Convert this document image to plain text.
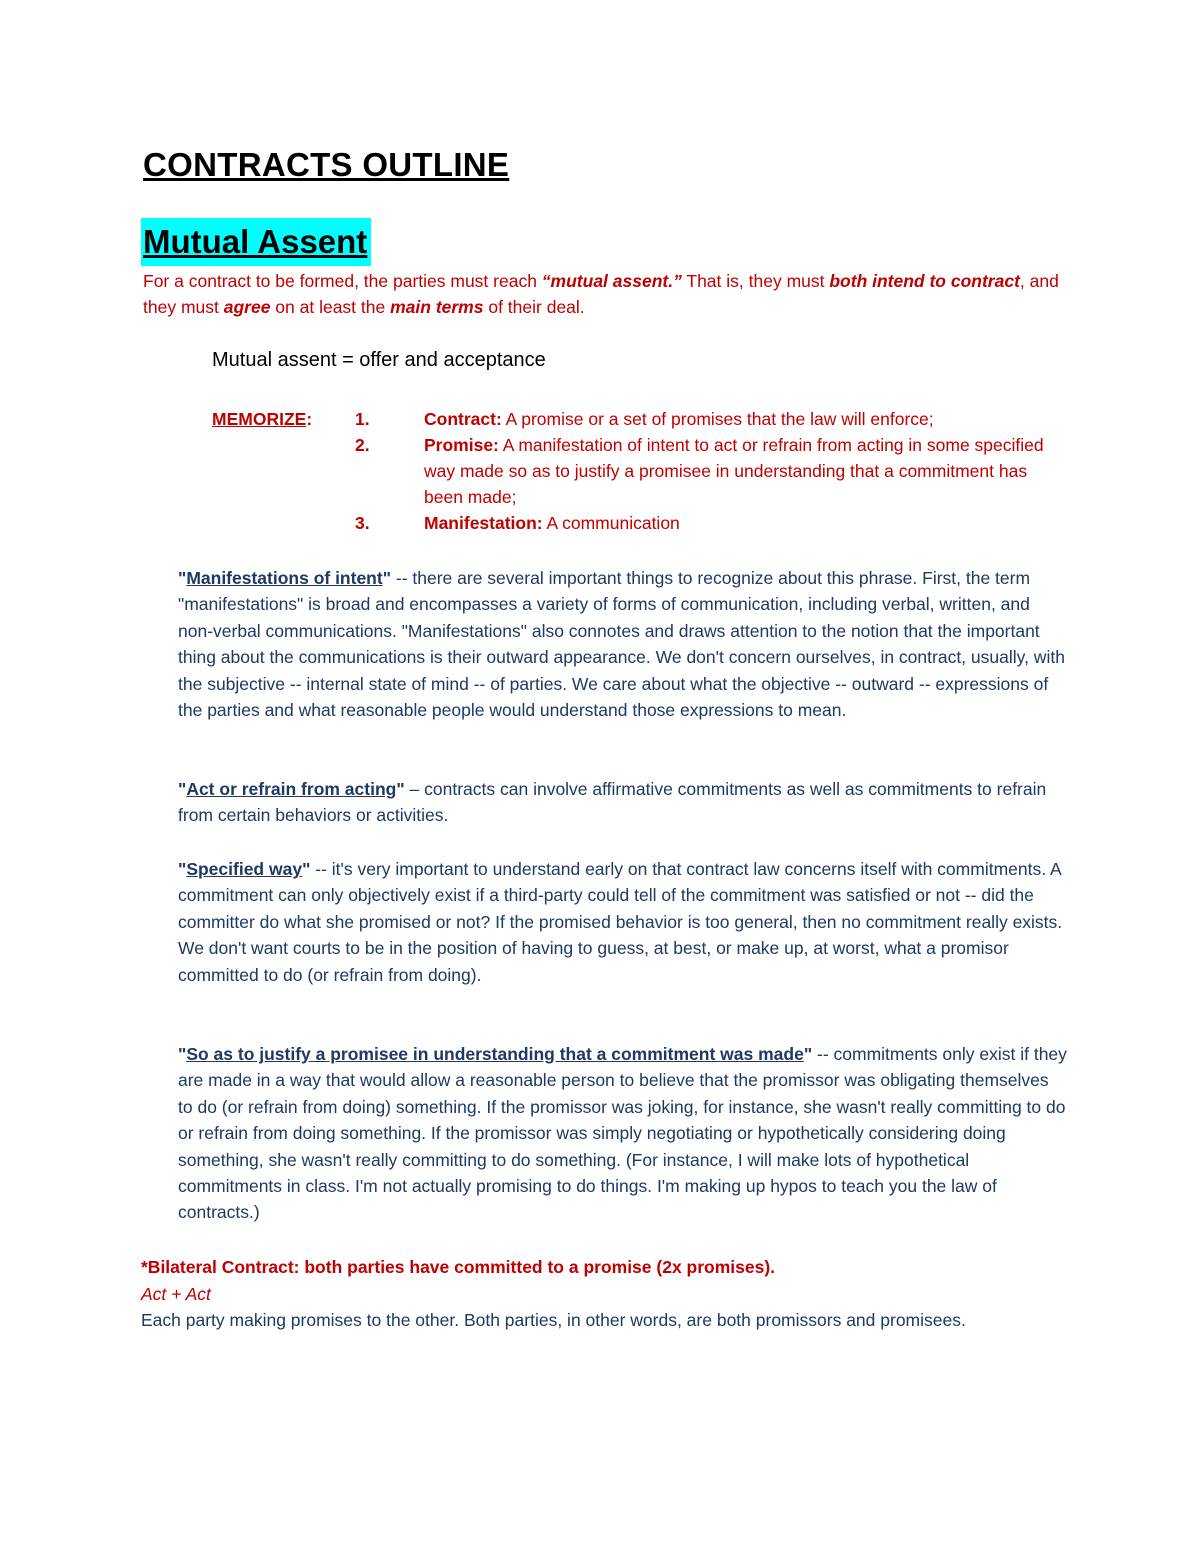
CONTRACTS OUTLINE
Mutual Assent

For a contract to be formed, the parties must reach “mutual assent.” That is, they must both intend to contract, and they must agree on at least the main terms of their deal.

Mutual assent = offer and acceptance

MEMORIZE: 1.	Contract: A promise or a set of promises that the law will enforce;
2.	Promise: A manifestation of intent to act or refrain from acting in some specified way made so as to justify a promisee in understanding that a commitment has been made;
3.	Manifestation: A communication

"Manifestations of intent" -- there are several important things to recognize about this phrase. First, the term "manifestations" is broad and encompasses a variety of forms of communication, including verbal, written, and non-verbal communications. "Manifestations" also connotes and draws attention to the notion that the important thing about the communications is their outward appearance. We don't concern ourselves, in contract, usually, with the subjective -- internal state of mind -- of parties. We care about what the objective -- outward -- expressions of the parties and what reasonable people would understand those expressions to mean.

"Act or refrain from acting" – contracts can involve affirmative commitments as well as commitments to refrain from certain behaviors or activities.

"Specified way" -- it's very important to understand early on that contract law concerns itself with commitments. A commitment can only objectively exist if a third-party could tell of the commitment was satisfied or not -- did the committer do what she promised or not? If the promised behavior is too general, then no commitment really exists. We don't want courts to be in the position of having to guess, at best, or make up, at worst, what a promisor committed to do (or refrain from doing).

"So as to justify a promisee in understanding that a commitment was made" -- commitments only exist if they are made in a way that would allow a reasonable person to believe that the promissor was obligating themselves to do (or refrain from doing) something. If the promissor was joking, for instance, she wasn't really committing to do or refrain from doing something. If the promissor was simply negotiating or hypothetically considering doing something, she wasn't really committing to do something. (For instance, I will make lots of hypothetical commitments in class. I'm not actually promising to do things. I'm making up hypos to teach you the law of contracts.)

*Bilateral Contract: both parties have committed to a promise (2x promises).

Act + Act

Each party making promises to the other. Both parties, in other words, are both promissors and promisees.
